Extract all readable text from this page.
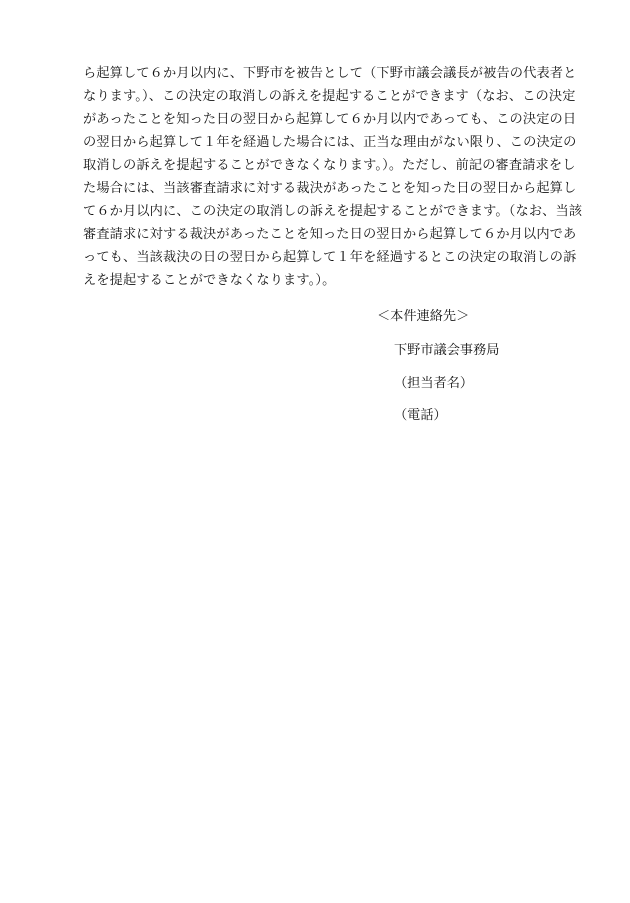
ら起算して６か月以内に、下野市を被告として（下野市議会議長が被告の代表者と
なります。）、この決定の取消しの訴えを提起することができます（なお、この決定
があったことを知った日の翌日から起算して６か月以内であっても、この決定の日
の翌日から起算して１年を経過した場合には、正当な理由がない限り、この決定の
取消しの訴えを提起することができなくなります。）。ただし、前記の審査請求をし
た場合には、当該審査請求に対する裁決があったことを知った日の翌日から起算し
て６か月以内に、この決定の取消しの訴えを提起することができます。（なお、当該
審査請求に対する裁決があったことを知った日の翌日から起算して６か月以内であ
っても、当該裁決の日の翌日から起算して１年を経過するとこの決定の取消しの訴
えを提起することができなくなります。）。
＜本件連絡先＞
下野市議会事務局
（担当者名）
（電話）
